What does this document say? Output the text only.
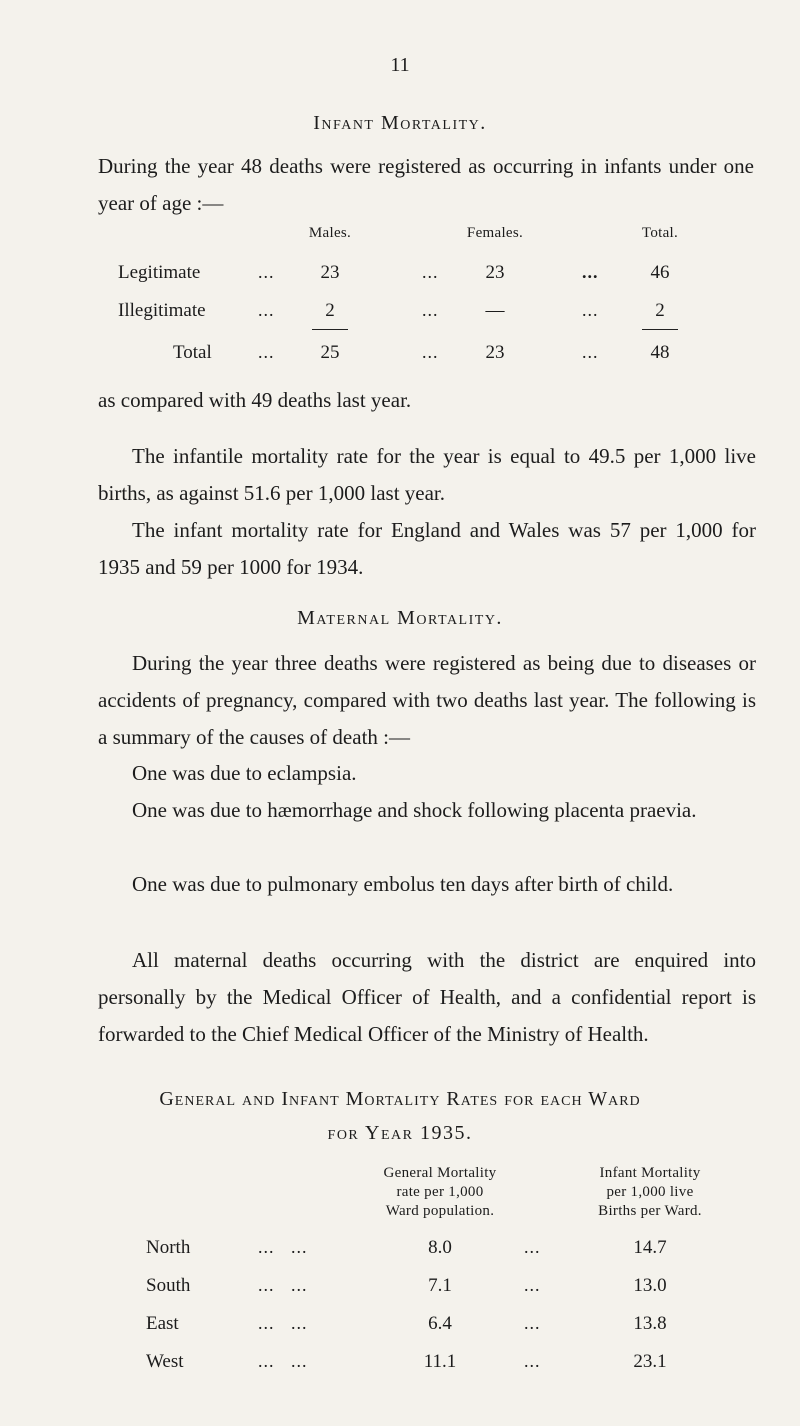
11
Infant Mortality.
During the year 48 deaths were registered as occurring in infants under one year of age :—
Males.	Females.	Total.
Legitimate	...	23	...	23	...	46
Illegitimate	...	2	...	—	...	2
Total	...	25	...	23	...	48
as compared with 49 deaths last year.
The infantile mortality rate for the year is equal to 49.5 per 1,000 live births, as against 51.6 per 1,000 last year.
The infant mortality rate for England and Wales was 57 per 1,000 for 1935 and 59 per 1000 for 1934.
Maternal Mortality.
During the year three deaths were registered as being due to diseases or accidents of pregnancy, compared with two deaths last year. The following is a summary of the causes of death :—
One was due to eclampsia.
One was due to hæmorrhage and shock following placenta praevia.
One was due to pulmonary embolus ten days after birth of child.
All maternal deaths occurring with the district are enquired into personally by the Medical Officer of Health, and a confidential report is forwarded to the Chief Medical Officer of the Ministry of Health.
General and Infant Mortality Rates for each Ward
for Year 1935.
General Mortality
rate per 1,000
Ward population.
Infant Mortality
per 1,000 live
Births per Ward.
North	...   ...	8.0	...	14.7
South	...   ...	7.1	...	13.0
East	...   ...	6.4	...	13.8
West	...   ...	11.1	...	23.1
